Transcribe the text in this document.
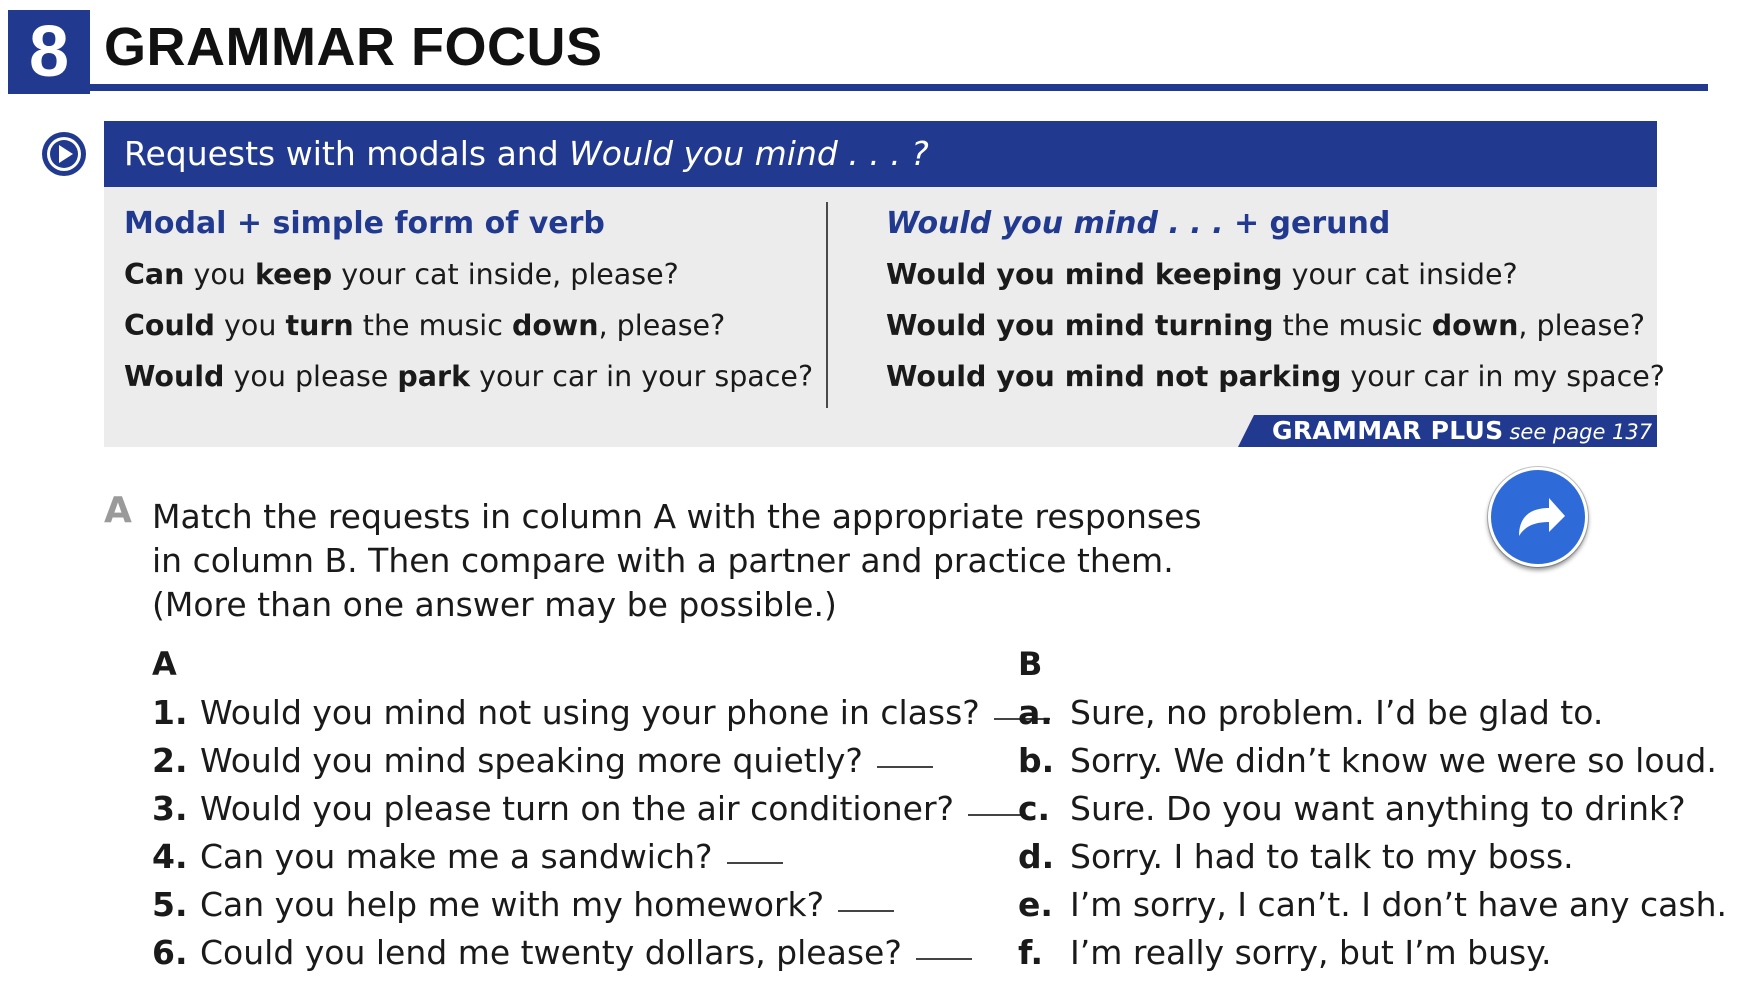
8 GRAMMAR FOCUS
Requests with modals and Would you mind . . . ?
Modal + simple form of verb
Can you keep your cat inside, please?
Could you turn the music down, please?
Would you please park your car in your space?
Would you mind . . . + gerund
Would you mind keeping your cat inside?
Would you mind turning the music down, please?
Would you mind not parking your car in my space?
GRAMMAR PLUS see page 137
A Match the requests in column A with the appropriate responses
in column B. Then compare with a partner and practice them.
(More than one answer may be possible.)
A	B
1. Would you mind not using your phone in class?
2. Would you mind speaking more quietly?
3. Would you please turn on the air conditioner?
4. Can you make me a sandwich?
5. Can you help me with my homework?
6. Could you lend me twenty dollars, please?
a. Sure, no problem. I’d be glad to.
b. Sorry. We didn’t know we were so loud.
c. Sure. Do you want anything to drink?
d. Sorry. I had to talk to my boss.
e. I’m sorry, I can’t. I don’t have any cash.
f. I’m really sorry, but I’m busy.
